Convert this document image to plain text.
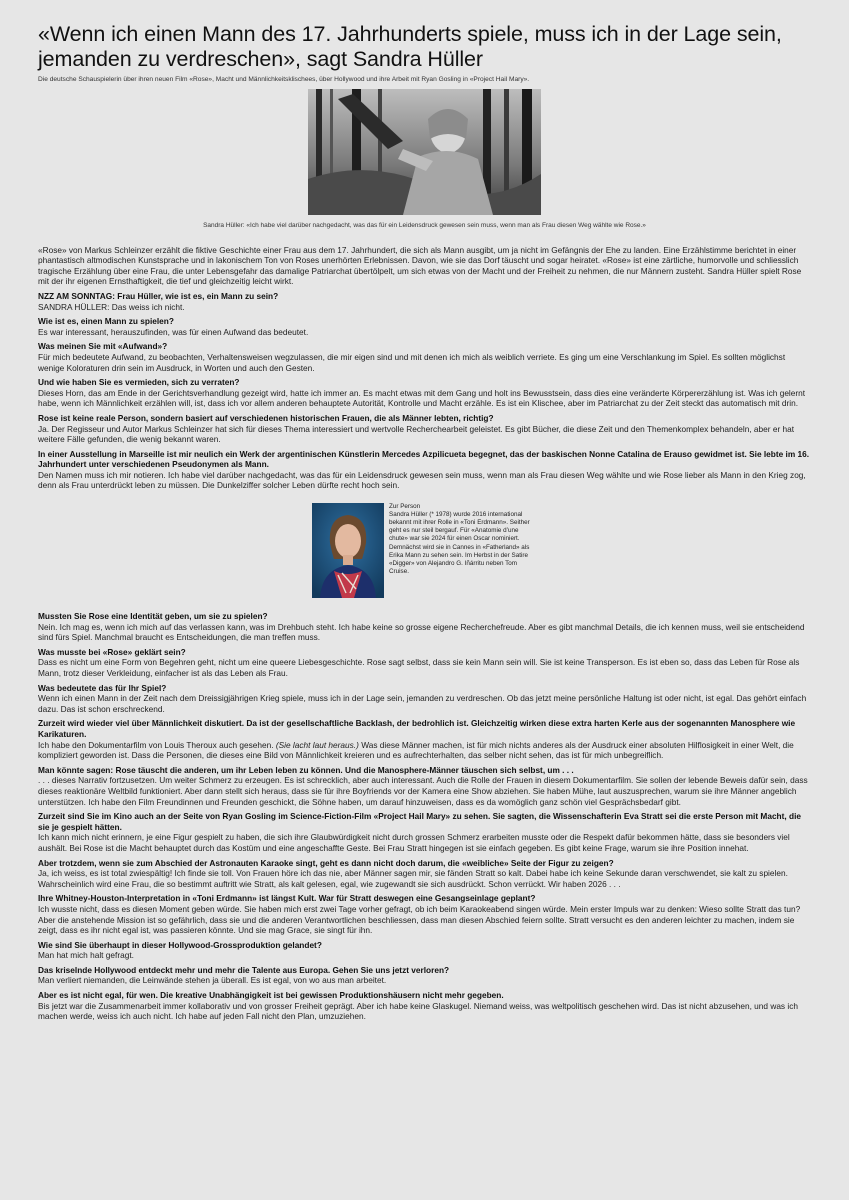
«Wenn ich einen Mann des 17. Jahrhunderts spiele, muss ich in der Lage sein, jemanden zu verdreschen», sagt Sandra Hüller

Die deutsche Schauspielerin über ihren neuen Film «Rose», Macht und Männlichkeitsklischees, über Hollywood und ihre Arbeit mit Ryan Gosling in «Project Hail Mary».

Sandra Hüller: «Ich habe viel darüber nachgedacht, was das für ein Leidensdruck gewesen sein muss, wenn man als Frau diesen Weg wählte wie Rose.»

«Rose» von Markus Schleinzer erzählt die fiktive Geschichte einer Frau aus dem 17. Jahrhundert, die sich als Mann ausgibt, um ja nicht im Gefängnis der Ehe zu landen. Eine Erzählstimme berichtet in einer phantastisch altmodischen Kunstsprache und in lakonischem Ton von Roses unerhörten Erlebnissen. Davon, wie sie das Dorf täuscht und sogar heiratet. «Rose» ist eine zärtliche, humorvolle und schliesslich tragische Erzählung über eine Frau, die unter Lebensgefahr das damalige Patriarchat übertölpelt, um sich etwas von der Macht und der Freiheit zu nehmen, die nur Männern zusteht. Sandra Hüller spielt Rose mit der ihr eigenen Ernsthaftigkeit, die tief und gleichzeitig leicht wirkt.

NZZ AM SONNTAG: Frau Hüller, wie ist es, ein Mann zu sein?

SANDRA HÜLLER: Das weiss ich nicht.

Wie ist es, einen Mann zu spielen?

Es war interessant, herauszufinden, was für einen Aufwand das bedeutet.

Was meinen Sie mit «Aufwand»?

Für mich bedeutete Aufwand, zu beobachten, Verhaltensweisen wegzulassen, die mir eigen sind und mit denen ich mich als weiblich verriete. Es ging um eine Verschlankung im Spiel. Es sollten möglichst wenige Koloraturen drin sein im Ausdruck, in Worten und auch den Gesten.

Und wie haben Sie es vermieden, sich zu verraten?

Dieses Horn, das am Ende in der Gerichtsverhandlung gezeigt wird, hatte ich immer an. Es macht etwas mit dem Gang und holt ins Bewusstsein, dass dies eine veränderte Körpererzählung ist. Was ich gelernt habe, wenn ich Männlichkeit erzählen will, ist, dass ich vor allem anderen behauptete Autorität, Kontrolle und Macht erzähle. Es ist ein Klischee, aber im Patriarchat zu der Zeit steckt das automatisch mit drin.

Rose ist keine reale Person, sondern basiert auf verschiedenen historischen Frauen, die als Männer lebten, richtig?

Ja. Der Regisseur und Autor Markus Schleinzer hat sich für dieses Thema interessiert und wertvolle Recherchearbeit geleistet. Es gibt Bücher, die diese Zeit und den Themenkomplex behandeln, aber er hat weitere Fälle gefunden, die wenig bekannt waren.

In einer Ausstellung in Marseille ist mir neulich ein Werk der argentinischen Künstlerin Mercedes Azpilicueta begegnet, das der baskischen Nonne Catalina de Erauso gewidmet ist. Sie lebte im 16. Jahrhundert unter verschiedenen Pseudonymen als Mann.

Den Namen muss ich mir notieren. Ich habe viel darüber nachgedacht, was das für ein Leidensdruck gewesen sein muss, wenn man als Frau diesen Weg wählte und wie Rose lieber als Mann in den Krieg zog, denn als Frau unterdrückt leben zu müssen. Die Dunkelziffer solcher Leben dürfte recht hoch sein.

Zur Person
Sandra Hüller (* 1978) wurde 2016 international bekannt mit ihrer Rolle in «Toni Erdmann». Seither geht es nur steil bergauf. Für «Anatomie d’une chute» war sie 2024 für einen Oscar nominiert. Demnächst wird sie in Cannes in «Fatherland» als Erika Mann zu sehen sein. Im Herbst in der Satire «Digger» von Alejandro G. Iñárritu neben Tom Cruise.

Mussten Sie Rose eine Identität geben, um sie zu spielen?

Nein. Ich mag es, wenn ich mich auf das verlassen kann, was im Drehbuch steht. Ich habe keine so grosse eigene Recherchefreude. Aber es gibt manchmal Details, die ich kennen muss, weil sie entscheidend sind fürs Spiel. Manchmal braucht es Entscheidungen, die man treffen muss.

Was musste bei «Rose» geklärt sein?

Dass es nicht um eine Form von Begehren geht, nicht um eine queere Liebesgeschichte. Rose sagt selbst, dass sie kein Mann sein will. Sie ist keine Transperson. Es ist eben so, dass das Leben für Rose als Mann, trotz dieser Verkleidung, einfacher ist als das Leben als Frau.

Was bedeutete das für Ihr Spiel?

Wenn ich einen Mann in der Zeit nach dem Dreissigjährigen Krieg spiele, muss ich in der Lage sein, jemanden zu verdreschen. Ob das jetzt meine persönliche Haltung ist oder nicht, ist egal. Das gehört einfach dazu. Das ist schon erschreckend.

Zurzeit wird wieder viel über Männlichkeit diskutiert. Da ist der gesellschaftliche Backlash, der bedrohlich ist. Gleichzeitig wirken diese extra harten Kerle aus der sogenannten Manosphere wie Karikaturen.

Ich habe den Dokumentarfilm von Louis Theroux auch gesehen. (Sie lacht laut heraus.) Was diese Männer machen, ist für mich nichts anderes als der Ausdruck einer absoluten Hilflosigkeit in einer Welt, die kompliziert geworden ist. Dass die Personen, die dieses eine Bild von Männlichkeit kreieren und es aufrechterhalten, das selber nicht sehen, das ist für mich unbegreiflich.

Man könnte sagen: Rose täuscht die anderen, um ihr Leben leben zu können. Und die Manosphere-Männer täuschen sich selbst, um . . .

. . . dieses Narrativ fortzusetzen. Um weiter Schmerz zu erzeugen. Es ist schrecklich, aber auch interessant. Auch die Rolle der Frauen in diesem Dokumentarfilm. Sie sollen der lebende Beweis dafür sein, dass dieses reaktionäre Weltbild funktioniert. Aber dann stellt sich heraus, dass sie für ihre Boyfriends vor der Kamera eine Show abziehen. Sie haben Mühe, laut auszusprechen, warum sie ihre Männer angeblich unterstützen. Ich habe den Film Freundinnen und Freunden geschickt, die Söhne haben, um darauf hinzuweisen, dass es da womöglich ganz schön viel Gesprächsbedarf gibt.

Zurzeit sind Sie im Kino auch an der Seite von Ryan Gosling im Science-Fiction-Film «Project Hail Mary» zu sehen. Sie sagten, die Wissenschafterin Eva Stratt sei die erste Person mit Macht, die sie je gespielt hätten.

Ich kann mich nicht erinnern, je eine Figur gespielt zu haben, die sich ihre Glaubwürdigkeit nicht durch grossen Schmerz erarbeiten musste oder die Respekt dafür bekommen hätte, dass sie besonders viel aushält. Bei Rose ist die Macht behauptet durch das Kostüm und eine angeschaffte Geste. Bei Frau Stratt hingegen ist sie einfach gegeben. Es gibt keine Frage, warum sie ihre Position innehat.

Aber trotzdem, wenn sie zum Abschied der Astronauten Karaoke singt, geht es dann nicht doch darum, die «weibliche» Seite der Figur zu zeigen?

Ja, ich weiss, es ist total zwiespältig! Ich finde sie toll. Von Frauen höre ich das nie, aber Männer sagen mir, sie fänden Stratt so kalt. Dabei habe ich keine Sekunde daran verschwendet, sie kalt zu spielen. Wahrscheinlich wird eine Frau, die so bestimmt auftritt wie Stratt, als kalt gelesen, egal, wie zugewandt sie sich ausdrückt. Schon verrückt. Wir haben 2026 . . .

Ihre Whitney-Houston-Interpretation in «Toni Erdmann» ist längst Kult. War für Stratt deswegen eine Gesangseinlage geplant?

Ich wusste nicht, dass es diesen Moment geben würde. Sie haben mich erst zwei Tage vorher gefragt, ob ich beim Karaokeabend singen würde. Mein erster Impuls war zu denken: Wieso sollte Stratt das tun? Aber die anstehende Mission ist so gefährlich, dass sie und die anderen Verantwortlichen beschliessen, dass man diesen Abschied feiern sollte. Stratt versucht es den anderen leichter zu machen, indem sie zeigt, dass es ihr nicht egal ist, was passieren könnte. Und sie mag Grace, sie singt für ihn.

Wie sind Sie überhaupt in dieser Hollywood-Grossproduktion gelandet?

Man hat mich halt gefragt.

Das kriselnde Hollywood entdeckt mehr und mehr die Talente aus Europa. Gehen Sie uns jetzt verloren?

Man verliert niemanden, die Leinwände stehen ja überall. Es ist egal, von wo aus man arbeitet.

Aber es ist nicht egal, für wen. Die kreative Unabhängigkeit ist bei gewissen Produktionshäusern nicht mehr gegeben.

Bis jetzt war die Zusammenarbeit immer kollaborativ und von grosser Freiheit geprägt. Aber ich habe keine Glaskugel. Niemand weiss, was weltpolitisch geschehen wird. Das ist nicht abzusehen, und was ich machen werde, weiss ich auch nicht. Ich habe auf jeden Fall nicht den Plan, umzuziehen.
